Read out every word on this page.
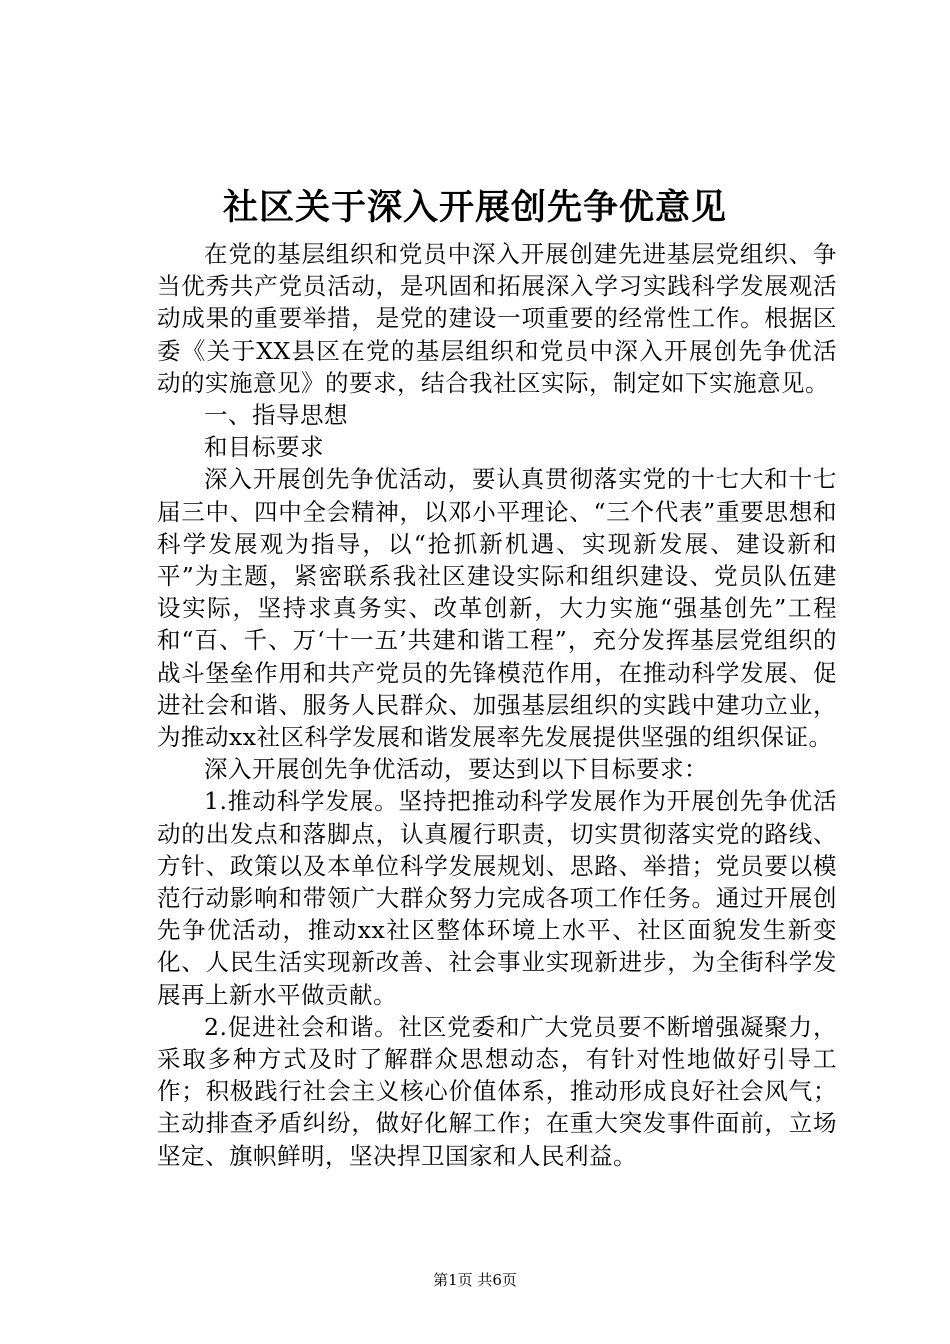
社区关于深入开展创先争优意见

在党的基层组织和党员中深入开展创建先进基层党组织、争当优秀共产党员活动，是巩固和拓展深入学习实践科学发展观活动成果的重要举措，是党的建设一项重要的经常性工作。根据区委《关于XX县区在党的基层组织和党员中深入开展创先争优活动的实施意见》的要求，结合我社区实际，制定如下实施意见。

一、指导思想

和目标要求

深入开展创先争优活动，要认真贯彻落实党的十七大和十七届三中、四中全会精神，以邓小平理论、“三个代表”重要思想和科学发展观为指导，以“抢抓新机遇、实现新发展、建设新和平”为主题，紧密联系我社区建设实际和组织建设、党员队伍建设实际，坚持求真务实、改革创新，大力实施“强基创先”工程和“百、千、万‘十一五’共建和谐工程”，充分发挥基层党组织的战斗堡垒作用和共产党员的先锋模范作用，在推动科学发展、促进社会和谐、服务人民群众、加强基层组织的实践中建功立业，为推动xx社区科学发展和谐发展率先发展提供坚强的组织保证。

深入开展创先争优活动，要达到以下目标要求：

1.推动科学发展。坚持把推动科学发展作为开展创先争优活动的出发点和落脚点，认真履行职责，切实贯彻落实党的路线、方针、政策以及本单位科学发展规划、思路、举措；党员要以模范行动影响和带领广大群众努力完成各项工作任务。通过开展创先争优活动，推动xx社区整体环境上水平、社区面貌发生新变化、人民生活实现新改善、社会事业实现新进步，为全街科学发展再上新水平做贡献。

2.促进社会和谐。社区党委和广大党员要不断增强凝聚力，采取多种方式及时了解群众思想动态，有针对性地做好引导工作；积极践行社会主义核心价值体系，推动形成良好社会风气；主动排查矛盾纠纷，做好化解工作；在重大突发事件面前，立场坚定、旗帜鲜明，坚决捍卫国家和人民利益。

第1页 共6页
